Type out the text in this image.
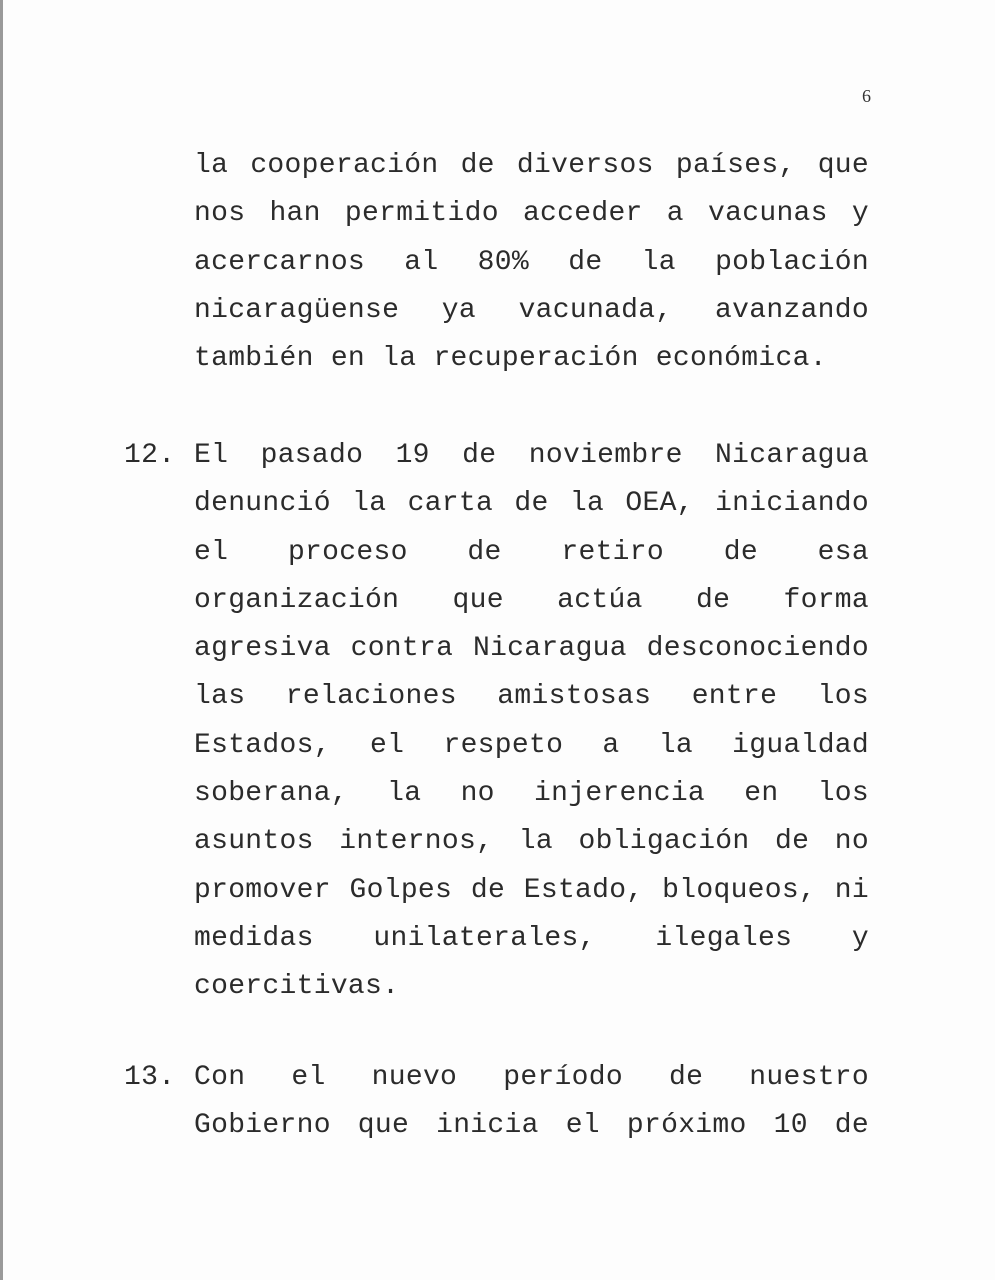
6
la cooperación de diversos países, que
nos han permitido acceder a vacunas y
acercarnos al 80% de la población
nicaragüense ya vacunada, avanzando
también en la recuperación económica.
12. El pasado 19 de noviembre Nicaragua
denunció la carta de la OEA, iniciando
el proceso de retiro de esa
organización que actúa de forma
agresiva contra Nicaragua desconociendo
las relaciones amistosas entre los
Estados, el respeto a la igualdad
soberana, la no injerencia en los
asuntos internos, la obligación de no
promover Golpes de Estado, bloqueos, ni
medidas unilaterales, ilegales y
coercitivas.
13. Con el nuevo período de nuestro
Gobierno que inicia el próximo 10 de
